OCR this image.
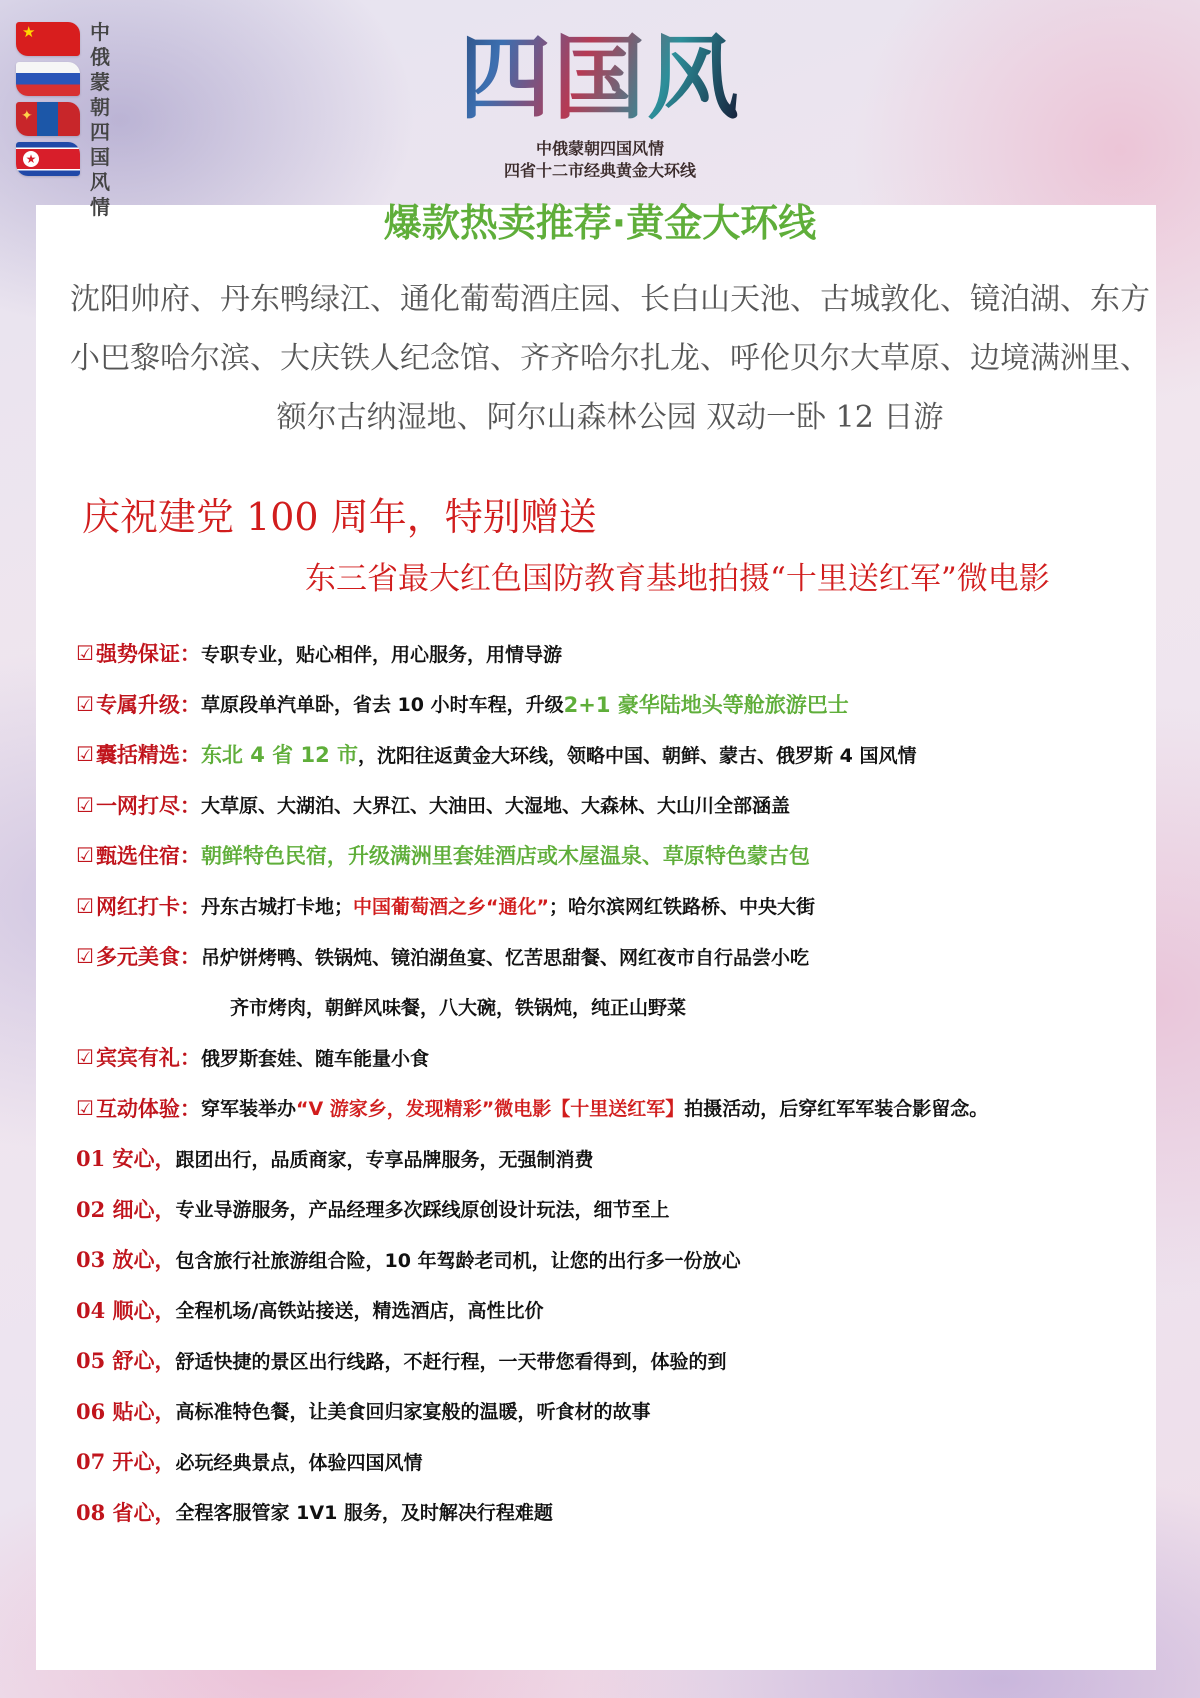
★
✦
★
中俄蒙朝四国风情
四国风
中俄蒙朝四国风情
四省十二市经典黄金大环线
爆款热卖推荐·黄金大环线
沈阳帅府、丹东鸭绿江、通化葡萄酒庄园、长白山天池、古城敦化、镜泊湖、东方小巴黎哈尔滨、大庆铁人纪念馆、齐齐哈尔扎龙、呼伦贝尔大草原、边境满洲里、额尔古纳湿地、阿尔山森林公园 双动一卧 12 日游
庆祝建党 100 周年，特别赠送
东三省最大红色国防教育基地拍摄“十里送红军”微电影
☑ 强势保证： 专职专业，贴心相伴，用心服务，用情导游
☑ 专属升级： 草原段单汽单卧，省去 10 小时车程，升级 2+1 豪华陆地头等舱旅游巴士
☑ 囊括精选： 东北 4 省 12 市 ，沈阳往返黄金大环线，领略中国、朝鲜、蒙古、俄罗斯 4 国风情
☑ 一网打尽： 大草原、大湖泊、大界江、大油田、大湿地、大森林、大山川全部涵盖
☑ 甄选住宿： 朝鲜特色民宿，升级满洲里套娃酒店或木屋温泉、草原特色蒙古包
☑ 网红打卡： 丹东古城打卡地； 中国葡萄酒之乡“通化” ；哈尔滨网红铁路桥、中央大街
☑ 多元美食： 吊炉饼烤鸭、铁锅炖、镜泊湖鱼宴、忆苦思甜餐、网红夜市自行品尝小吃
齐市烤肉，朝鲜风味餐，八大碗，铁锅炖，纯正山野菜
☑ 宾宾有礼： 俄罗斯套娃、随车能量小食
☑ 互动体验： 穿军装举办 “V 游家乡，发现精彩”微电影【十里送红军】 拍摄活动，后穿红军军装合影留念。
01 安心， 跟团出行，品质商家，专享品牌服务，无强制消费
02 细心， 专业导游服务，产品经理多次踩线原创设计玩法，细节至上
03 放心， 包含旅行社旅游组合险，10 年驾龄老司机，让您的出行多一份放心
04 顺心， 全程机场/高铁站接送，精选酒店，高性比价
05 舒心， 舒适快捷的景区出行线路，不赶行程，一天带您看得到，体验的到
06 贴心， 高标准特色餐，让美食回归家宴般的温暖，听食材的故事
07 开心， 必玩经典景点，体验四国风情
08 省心， 全程客服管家 1V1 服务，及时解决行程难题
